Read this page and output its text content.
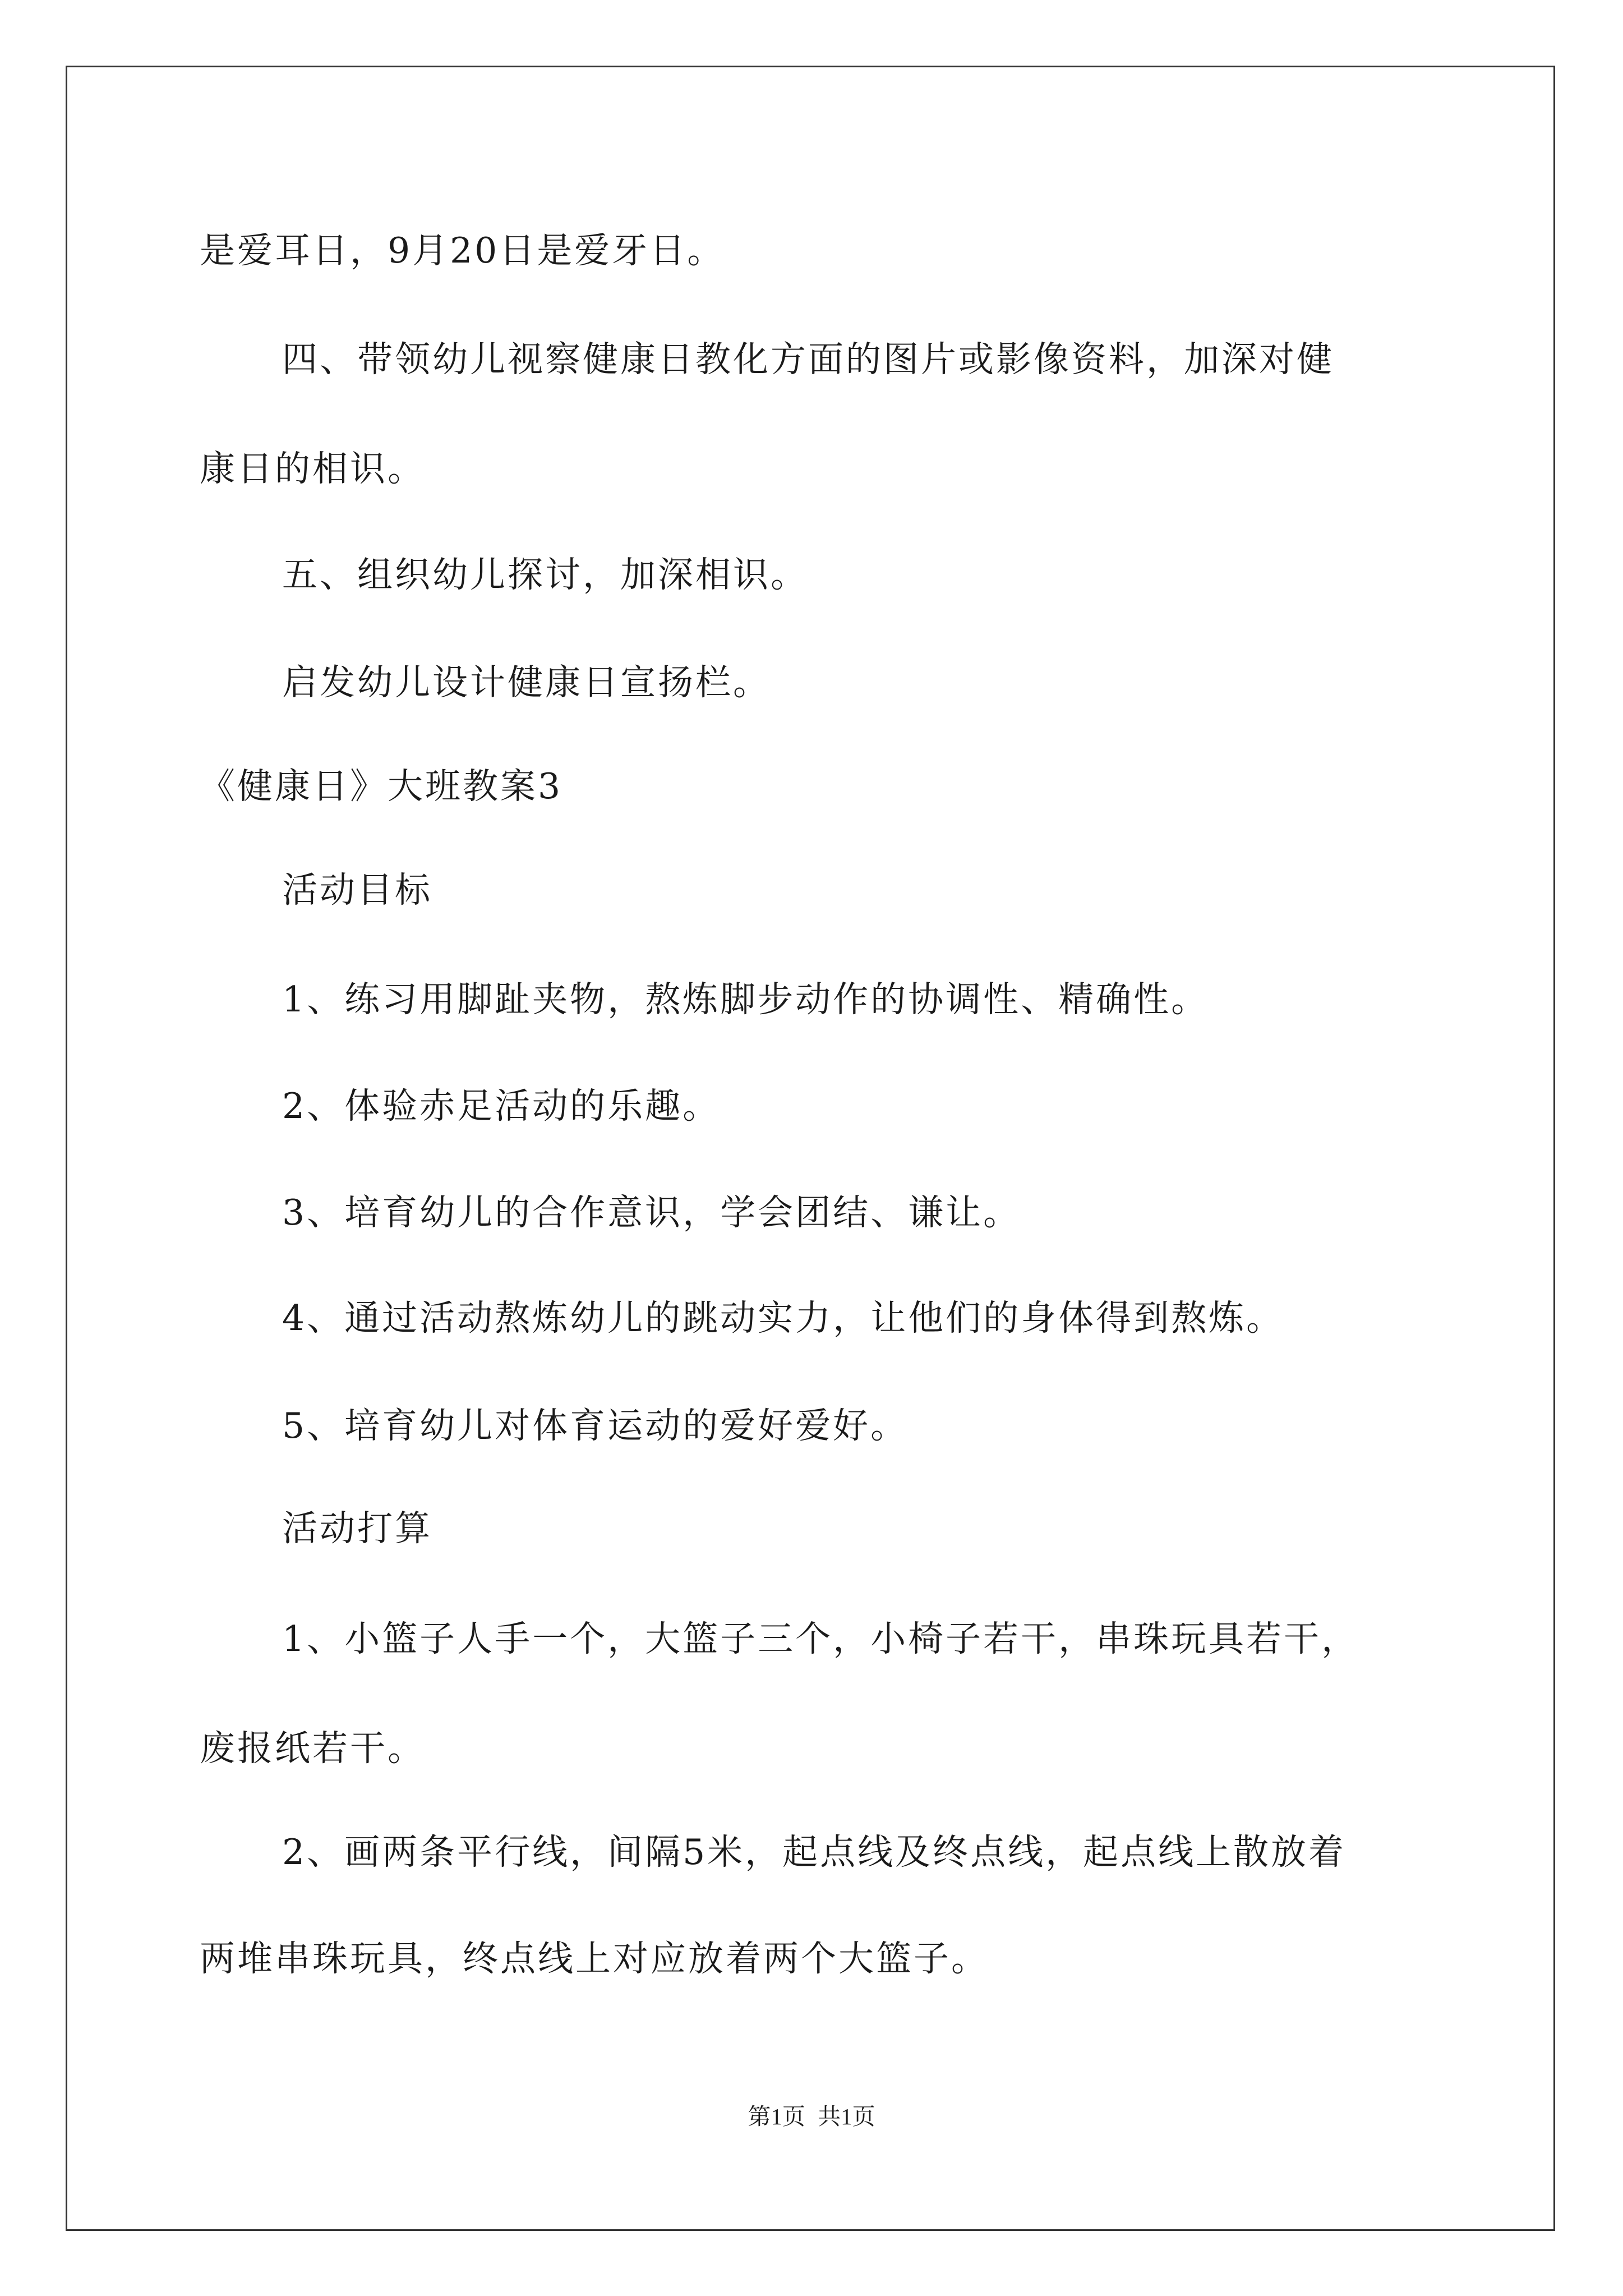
是爱耳日，9月20日是爱牙日。
四、带领幼儿视察健康日教化方面的图片或影像资料，加深对健
康日的相识。
五、组织幼儿探讨，加深相识。
启发幼儿设计健康日宣扬栏。
《健康日》大班教案3
活动目标
1、练习用脚趾夹物，熬炼脚步动作的协调性、精确性。
2、体验赤足活动的乐趣。
3、培育幼儿的合作意识，学会团结、谦让。
4、通过活动熬炼幼儿的跳动实力，让他们的身体得到熬炼。
5、培育幼儿对体育运动的爱好爱好。
活动打算
1、小篮子人手一个，大篮子三个，小椅子若干，串珠玩具若干，
废报纸若干。
2、画两条平行线，间隔5米，起点线及终点线，起点线上散放着
两堆串珠玩具，终点线上对应放着两个大篮子。
第1页 共1页
